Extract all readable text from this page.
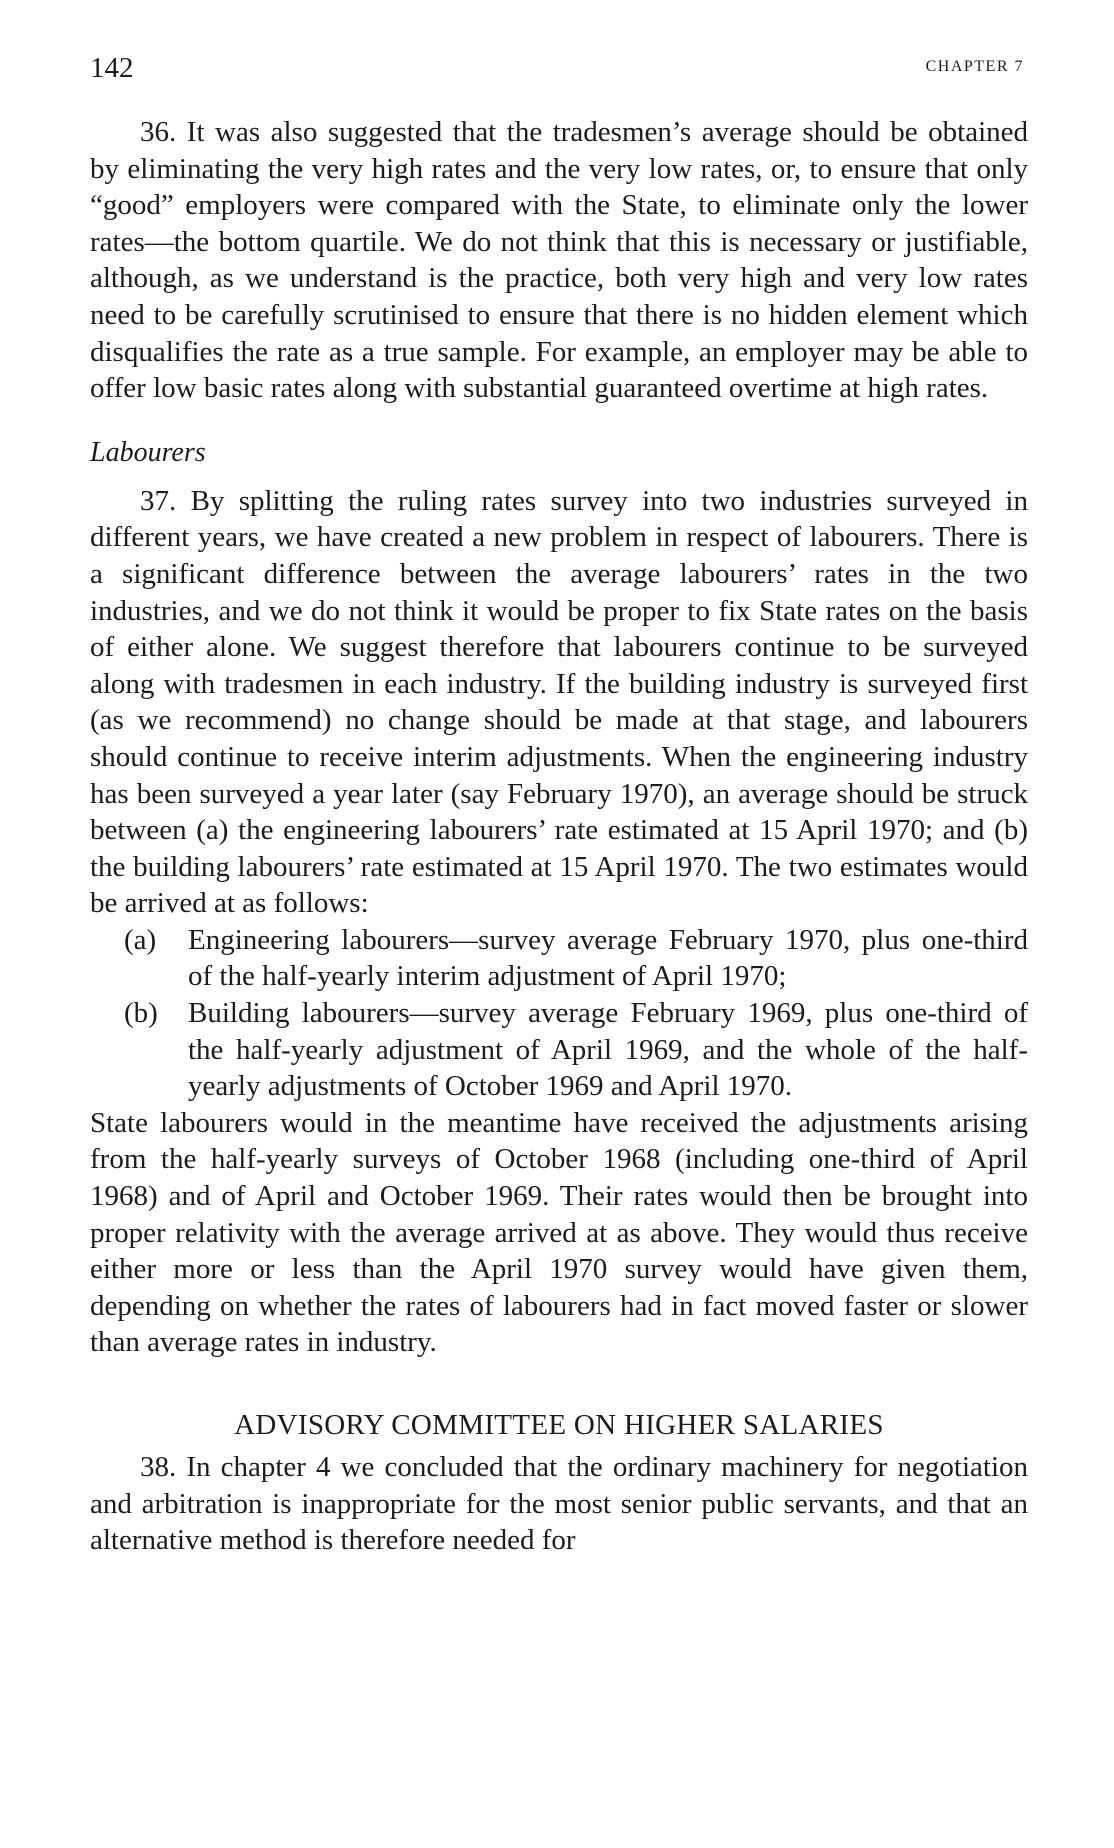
142	CHAPTER 7

36. It was also suggested that the tradesmen’s average should be obtained by eliminating the very high rates and the very low rates, or, to ensure that only “good” employers were compared with the State, to eliminate only the lower rates—the bottom quartile. We do not think that this is necessary or justifiable, although, as we understand is the practice, both very high and very low rates need to be carefully scrutinised to ensure that there is no hidden element which disqualifies the rate as a true sample. For example, an employer may be able to offer low basic rates along with substantial guaranteed overtime at high rates.

Labourers

37. By splitting the ruling rates survey into two industries surveyed in different years, we have created a new problem in respect of labourers. There is a significant difference between the average labourers’ rates in the two industries, and we do not think it would be proper to fix State rates on the basis of either alone. We suggest therefore that labourers continue to be surveyed along with tradesmen in each industry. If the building industry is surveyed first (as we recommend) no change should be made at that stage, and labourers should continue to receive interim adjustments. When the engineering industry has been surveyed a year later (say February 1970), an average should be struck between (a) the engineering labourers’ rate estimated at 15 April 1970; and (b) the building labourers’ rate estimated at 15 April 1970. The two estimates would be arrived at as follows:

(a) Engineering labourers—survey average February 1970, plus one-third of the half-yearly interim adjustment of April 1970;
(b) Building labourers—survey average February 1969, plus one-third of the half-yearly adjustment of April 1969, and the whole of the half-yearly adjustments of October 1969 and April 1970.

State labourers would in the meantime have received the adjustments arising from the half-yearly surveys of October 1968 (including one-third of April 1968) and of April and October 1969. Their rates would then be brought into proper relativity with the average arrived at as above. They would thus receive either more or less than the April 1970 survey would have given them, depending on whether the rates of labourers had in fact moved faster or slower than average rates in industry.

ADVISORY COMMITTEE ON HIGHER SALARIES

38. In chapter 4 we concluded that the ordinary machinery for negotiation and arbitration is inappropriate for the most senior public servants, and that an alternative method is therefore needed for
